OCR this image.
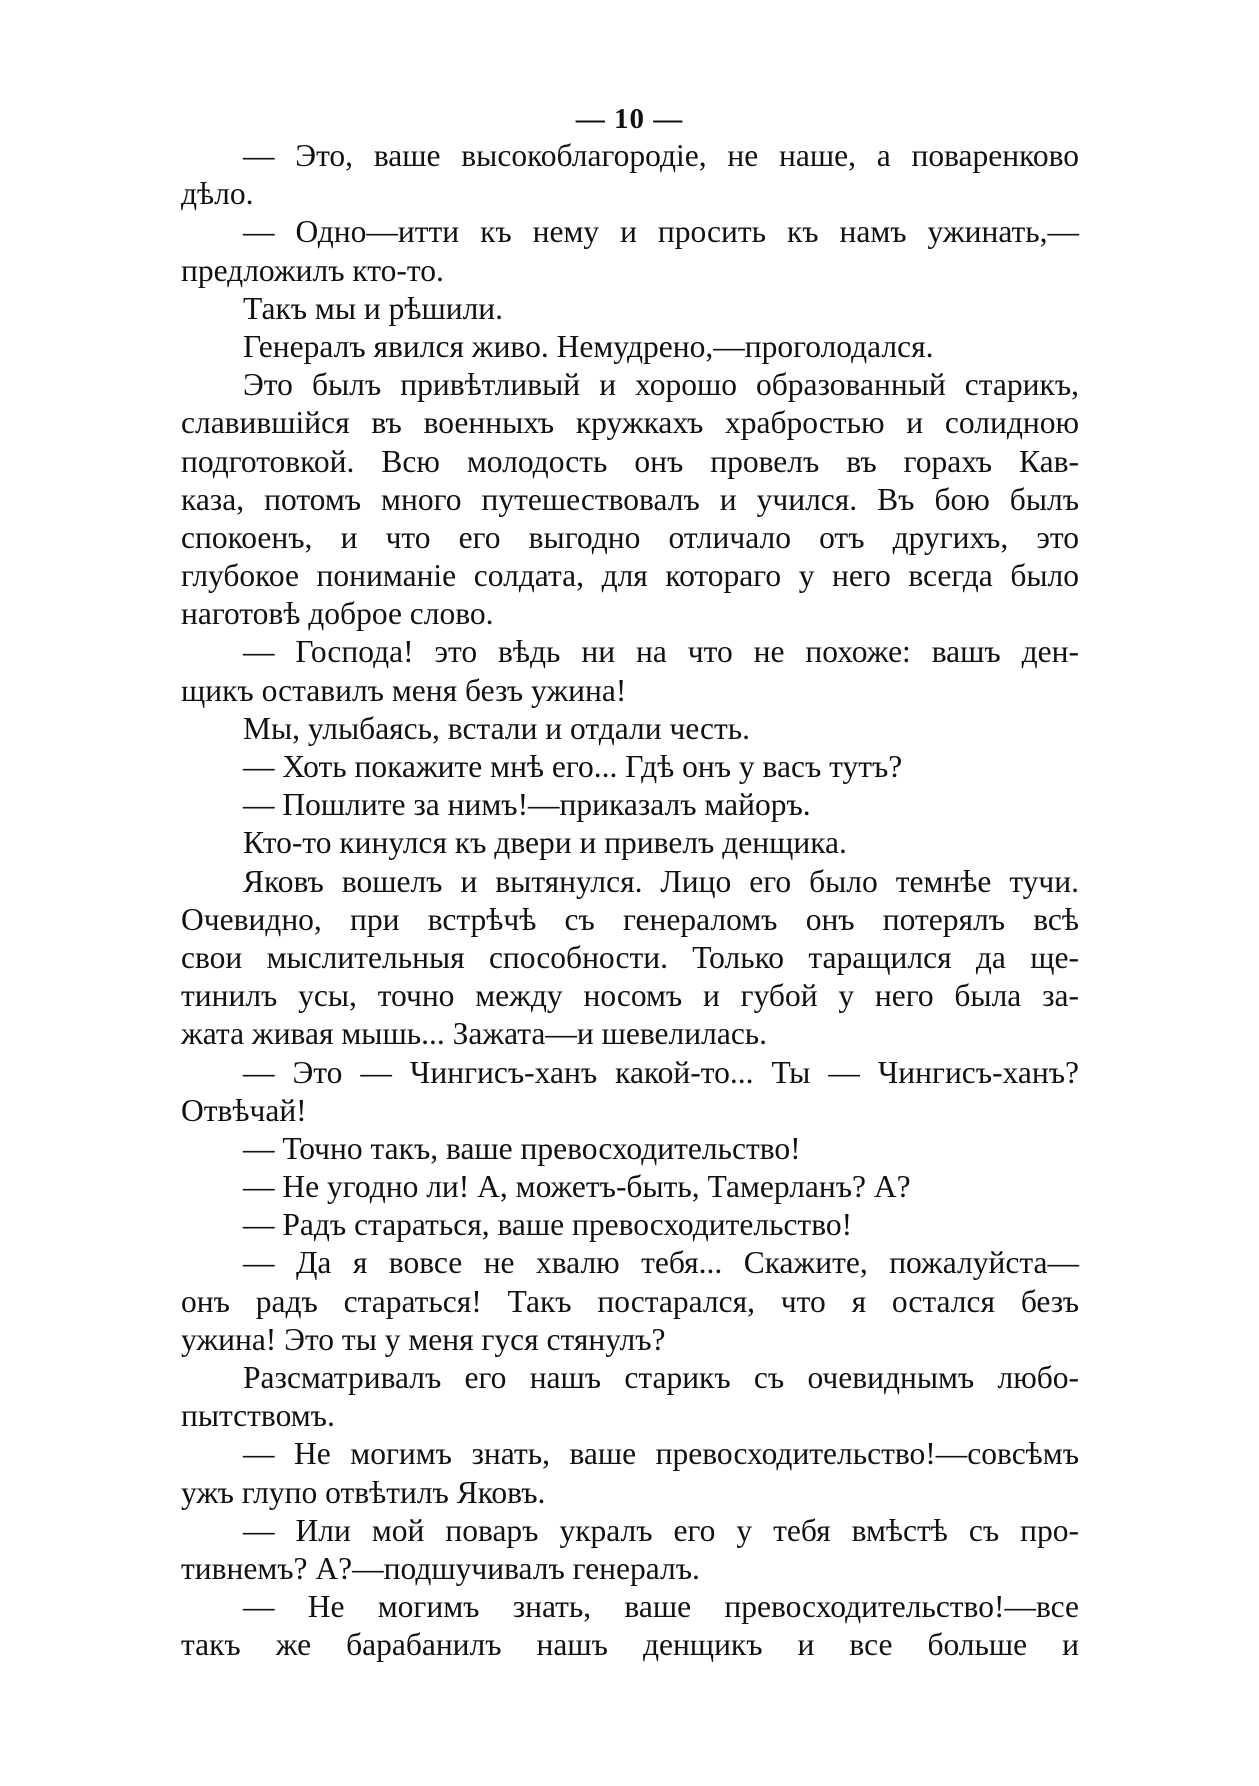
— 10 —
— Это, ваше высокоблагородіе, не наше, а поваренково
дѣло.
— Одно—итти къ нему и просить къ намъ ужинать,—
предложилъ кто-то.
Такъ мы и рѣшили.
Генералъ явился живо. Немудрено,—проголодался.
Это былъ привѣтливый и хорошо образованный старикъ,
славившійся въ военныхъ кружкахъ храбростью и солидною
подготовкой. Всю молодость онъ провелъ въ горахъ Кав-
каза, потомъ много путешествовалъ и учился. Въ бою былъ
спокоенъ, и что его выгодно отличало отъ другихъ, это
глубокое пониманіе солдата, для котораго у него всегда было
наготовѣ доброе слово.
— Господа! это вѣдь ни на что не похоже: вашъ ден-
щикъ оставилъ меня безъ ужина!
Мы, улыбаясь, встали и отдали честь.
— Хоть покажите мнѣ его... Гдѣ онъ у васъ тутъ?
— Пошлите за нимъ!—приказалъ майоръ.
Кто-то кинулся къ двери и привелъ денщика.
Яковъ вошелъ и вытянулся. Лицо его было темнѣе тучи.
Очевидно, при встрѣчѣ съ генераломъ онъ потерялъ всѣ
свои мыслительныя способности. Только таращился да ще-
тинилъ усы, точно между носомъ и губой у него была за-
жата живая мышь... Зажата—и шевелилась.
— Это — Чингисъ-ханъ какой-то... Ты — Чингисъ-ханъ?
Отвѣчай!
— Точно такъ, ваше превосходительство!
— Не угодно ли! А, можетъ-быть, Тамерланъ? А?
— Радъ стараться, ваше превосходительство!
— Да я вовсе не хвалю тебя... Скажите, пожалуйста—
онъ радъ стараться! Такъ постарался, что я остался безъ
ужина! Это ты у меня гуся стянулъ?
Разсматривалъ его нашъ старикъ съ очевиднымъ любо-
пытствомъ.
— Не могимъ знать, ваше превосходительство!—совсѣмъ
ужъ глупо отвѣтилъ Яковъ.
— Или мой поваръ укралъ его у тебя вмѣстѣ съ про-
тивнемъ? А?—подшучивалъ генералъ.
— Не могимъ знать, ваше превосходительство!—все
такъ же барабанилъ нашъ денщикъ и все больше и
